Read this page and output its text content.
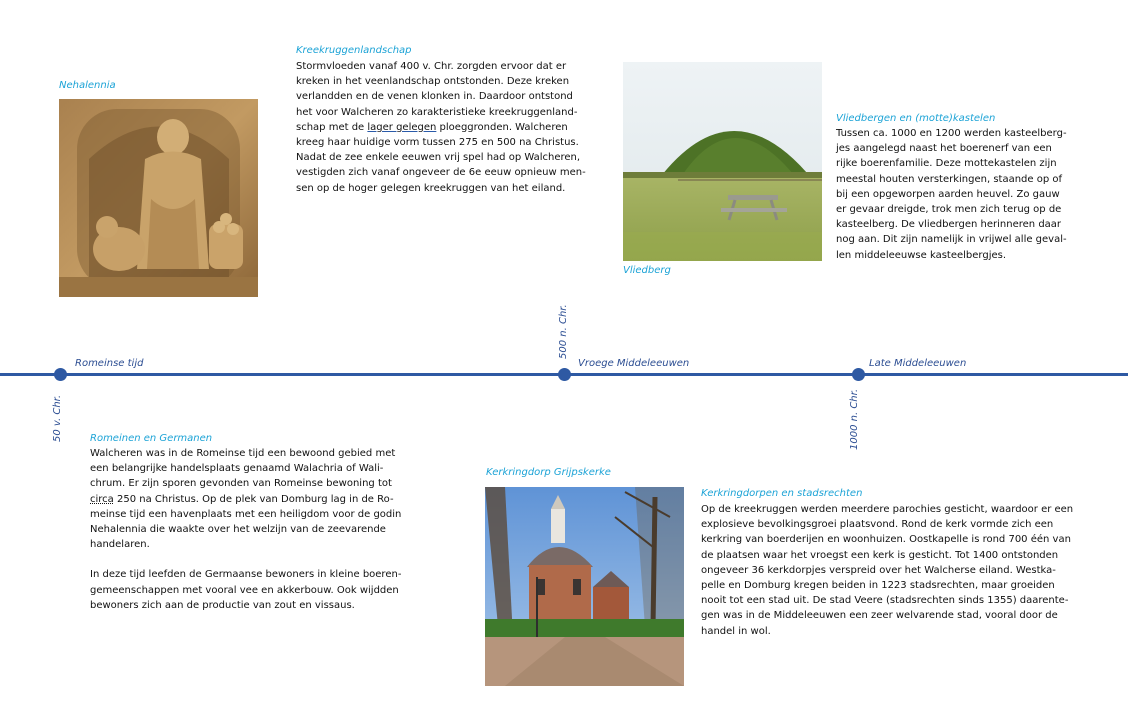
Nehalennia
Kreekruggenlandschap
Stormvloeden vanaf 400 v. Chr. zorgden ervoor dat er
kreken in het veenlandschap ontstonden. Deze kreken
verlandden en de venen klonken in. Daardoor ontstond
het voor Walcheren zo karakteristieke kreekruggenland-
schap met de lager gelegen ploeggronden. Walcheren
kreeg haar huidige vorm tussen 275 en 500 na Christus.
Nadat de zee enkele eeuwen vrij spel had op Walcheren,
vestigden zich vanaf ongeveer de 6e eeuw opnieuw men-
sen op de hoger gelegen kreekruggen van het eiland.
Vliedberg
Vliedbergen en (motte)kastelen
Tussen ca. 1000 en 1200 werden kasteelberg-
jes aangelegd naast het boerenerf van een
rijke boerenfamilie. Deze mottekastelen zijn
meestal houten versterkingen, staande op of
bij een opgeworpen aarden heuvel. Zo gauw
er gevaar dreigde, trok men zich terug op de
kasteelberg. De vliedbergen herinneren daar
nog aan. Dit zijn namelijk in vrijwel alle geval-
len middeleeuwse kasteelbergjes.
Romeinse tijd	Vroege Middeleeuwen	Late Middeleeuwen
50 v. Chr.
500 n. Chr.
1000 n. Chr.
Romeinen en Germanen

Walcheren was in de Romeinse tijd een bewoond gebied met
een belangrijke handelsplaats genaamd Walachria of Wali-
chrum. Er zijn sporen gevonden van Romeinse bewoning tot
circa 250 na Christus. Op de plek van Domburg lag in de Ro-
meinse tijd een havenplaats met een heiligdom voor de godin
Nehalennia die waakte over het welzijn van de zeevarende
handelaren.

In deze tijd leefden de Germaanse bewoners in kleine boeren-
gemeenschappen met vooral vee en akkerbouw. Ook wijdden
bewoners zich aan de productie van zout en vissaus.

Kerkringdorp Grijpskerke
Kerkringdorpen en stadsrechten
Op de kreekruggen werden meerdere parochies gesticht, waardoor er een
explosieve bevolkingsgroei plaatsvond. Rond de kerk vormde zich een
kerkring van boerderijen en woonhuizen. Oostkapelle is rond 700 één van
de plaatsen waar het vroegst een kerk is gesticht. Tot 1400 ontstonden
ongeveer 36 kerkdorpjes verspreid over het Walcherse eiland. Westka-
pelle en Domburg kregen beiden in 1223 stadsrechten, maar groeiden
nooit tot een stad uit. De stad Veere (stadsrechten sinds 1355) daarente-
gen was in de Middeleeuwen een zeer welvarende stad, vooral door de
handel in wol.
